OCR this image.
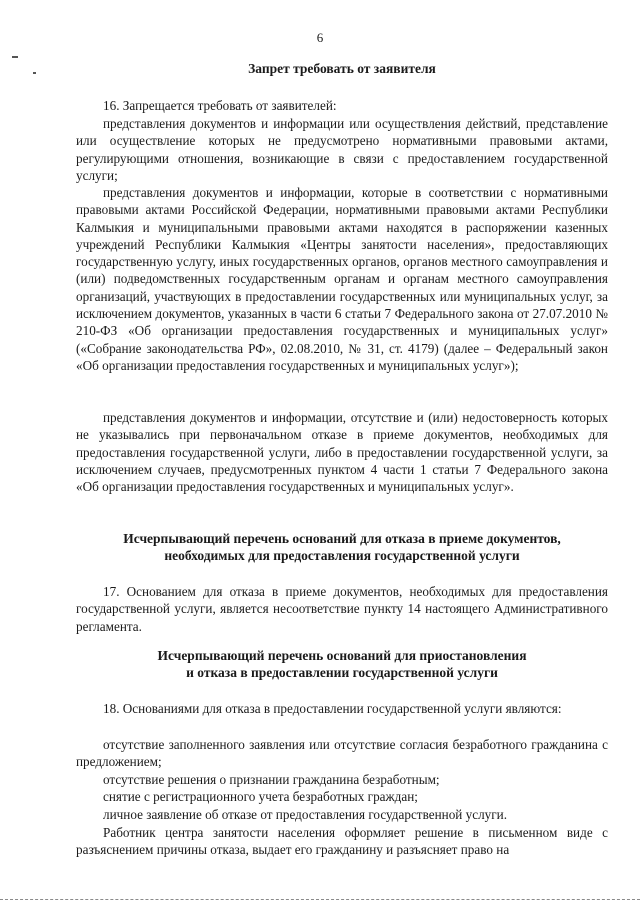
6
Запрет требовать от заявителя

16. Запрещается требовать от заявителей:

представления документов и информации или осуществления действий, представление или осуществление которых не предусмотрено нормативными правовыми актами, регулирующими отношения, возникающие в связи с предоставлением государственной услуги;

представления документов и информации, которые в соответствии с нормативными правовыми актами Российской Федерации, нормативными правовыми актами Республики Калмыкия и муниципальными правовыми актами находятся в распоряжении казенных учреждений Республики Калмыкия «Центры занятости населения», предоставляющих государственную услугу, иных государственных органов, органов местного самоуправления и (или) подведомственных государственным органам и органам местного самоуправления организаций, участвующих в предоставлении государственных или муниципальных услуг, за исключением документов, указанных в части 6 статьи 7 Федерального закона от 27.07.2010 № 210-ФЗ «Об организации предоставления государственных и муниципальных услуг» («Собрание законодательства РФ», 02.08.2010, № 31, ст. 4179) (далее – Федеральный закон «Об организации предоставления государственных и муниципальных услуг»);

представления документов и информации, отсутствие и (или) недостоверность которых не указывались при первоначальном отказе в приеме документов, необходимых для предоставления государственной услуги, либо в предоставлении государственной услуги, за исключением случаев, предусмотренных пунктом 4 части 1 статьи 7 Федерального закона «Об организации предоставления государственных и муниципальных услуг».

Исчерпывающий перечень оснований для отказа в приеме документов,
необходимых для предоставления государственной услуги

17. Основанием для отказа в приеме документов, необходимых для предоставления государственной услуги, является несоответствие пункту 14 настоящего Административного регламента.

Исчерпывающий перечень оснований для приостановления
и отказа в предоставлении государственной услуги

18. Основаниями для отказа в предоставлении государственной услуги являются:

отсутствие заполненного заявления или отсутствие согласия безработного гражданина с предложением;

отсутствие решения о признании гражданина безработным;

снятие с регистрационного учета безработных граждан;

личное заявление об отказе от предоставления государственной услуги.

Работник центра занятости населения оформляет решение в письменном виде с разъяснением причины отказа, выдает его гражданину и разъясняет право на
